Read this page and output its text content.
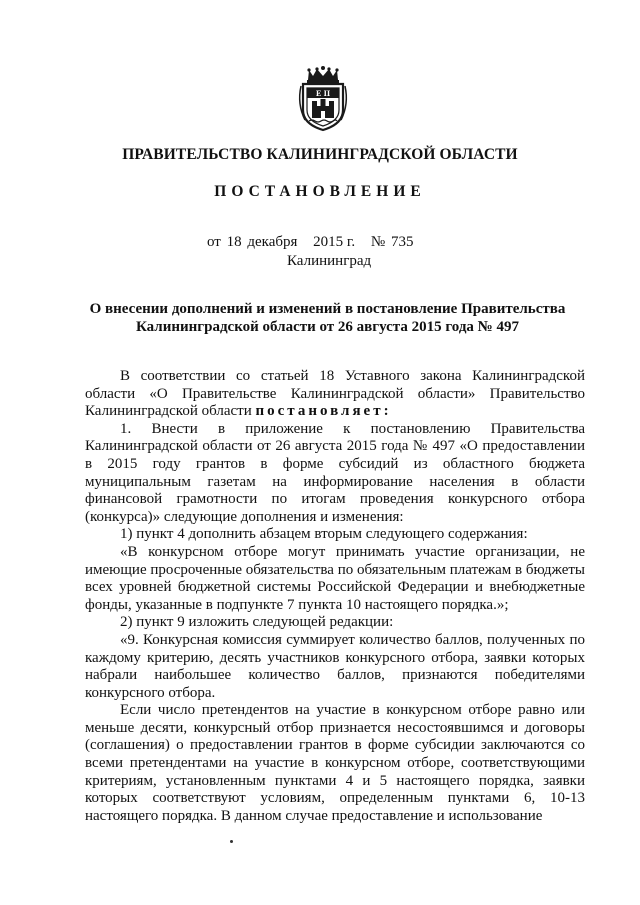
Е II
ПРАВИТЕЛЬСТВО КАЛИНИНГРАДСКОЙ ОБЛАСТИ
ПОСТАНОВЛЕНИЕ
от 18 декабря 2015 г. № 735
Калининград
О внесении дополнений и изменений в постановление Правительства Калининградской области от 26 августа 2015 года № 497

В соответствии со статьей 18 Уставного закона Калининградской области «О Правительстве Калининградской области» Правительство Калининградской области постановляет:

1. Внести в приложение к постановлению Правительства Калининградской области от 26 августа 2015 года № 497 «О предоставлении в 2015 году грантов в форме субсидий из областного бюджета муниципальным газетам на информирование населения в области финансовой грамотности по итогам проведения конкурсного отбора (конкурса)» следующие дополнения и изменения:

1) пункт 4 дополнить абзацем вторым следующего содержания:

«В конкурсном отборе могут принимать участие организации, не имеющие просроченные обязательства по обязательным платежам в бюджеты всех уровней бюджетной системы Российской Федерации и внебюджетные фонды, указанные в подпункте 7 пункта 10 настоящего порядка.»;

2) пункт 9 изложить следующей редакции:

«9. Конкурсная комиссия суммирует количество баллов, полученных по каждому критерию, десять участников конкурсного отбора, заявки которых набрали наибольшее количество баллов, признаются победителями конкурсного отбора.

Если число претендентов на участие в конкурсном отборе равно или меньше десяти, конкурсный отбор признается несостоявшимся и договоры (соглашения) о предоставлении грантов в форме субсидии заключаются со всеми претендентами на участие в конкурсном отборе, соответствующими критериям, установленным пунктами 4 и 5 настоящего порядка, заявки которых соответствуют условиям, определенным пунктами 6, 10-13 настоящего порядка. В данном случае предоставление и использование
